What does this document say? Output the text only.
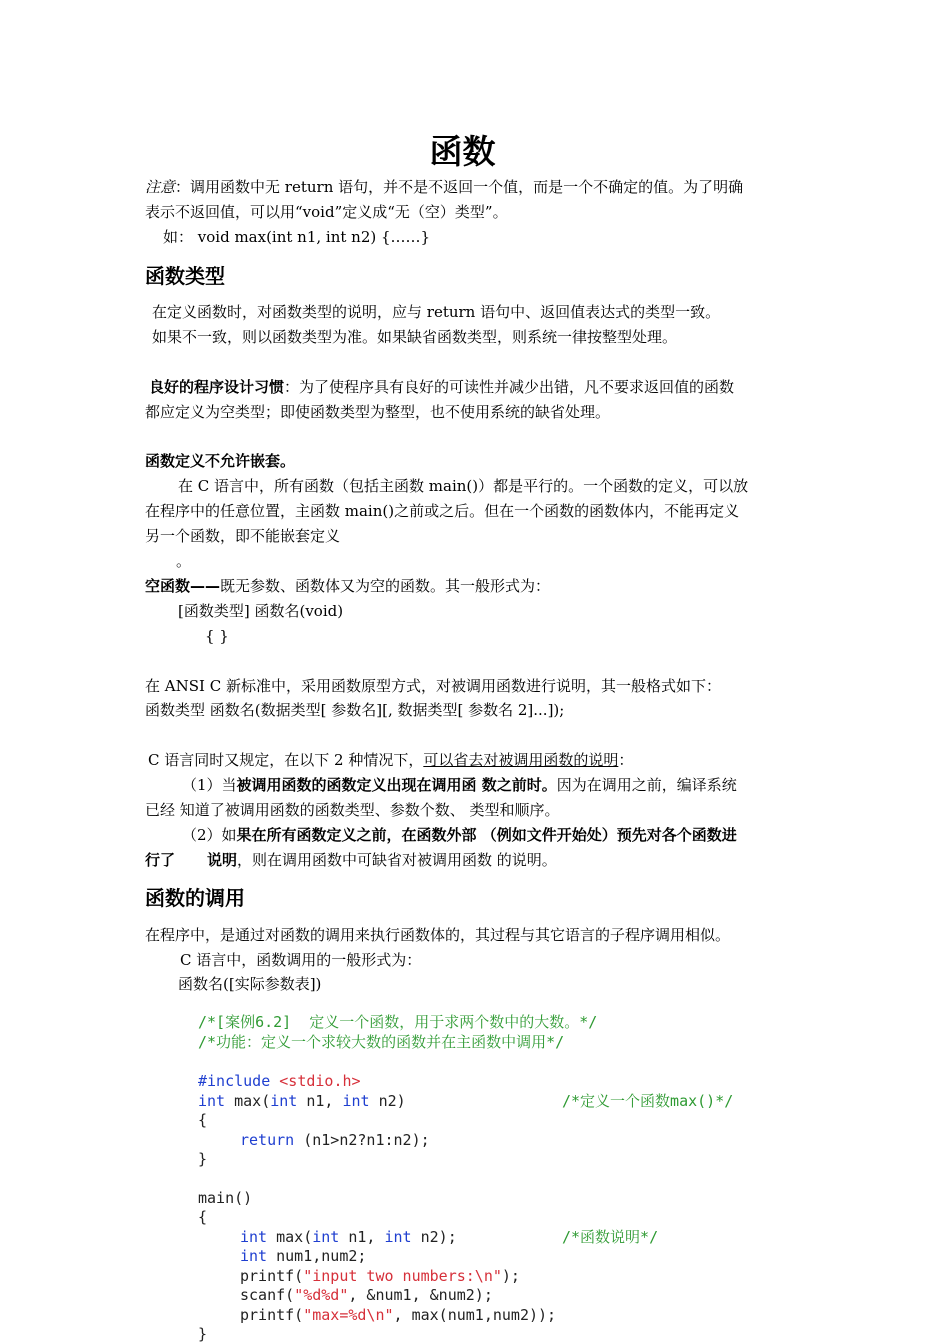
函数
注意：调用函数中无 return 语句，并不是不返回一个值，而是一个不确定的值。为了明确
表示不返回值，可以用“void”定义成“无（空）类型”。
如： void max(int n1, int n2) {……}
函数类型
在定义函数时，对函数类型的说明，应与 return 语句中、返回值表达式的类型一致。
如果不一致，则以函数类型为准。如果缺省函数类型，则系统一律按整型处理。
良好的程序设计习惯：为了使程序具有良好的可读性并减少出错，凡不要求返回值的函数
都应定义为空类型；即使函数类型为整型，也不使用系统的缺省处理。
函数定义不允许嵌套。
在 C 语言中，所有函数（包括主函数 main()）都是平行的。一个函数的定义，可以放
在程序中的任意位置，主函数 main()之前或之后。但在一个函数的函数体内，不能再定义
另一个函数，即不能嵌套定义
。
空函数——既无参数、函数体又为空的函数。其一般形式为：
[函数类型] 函数名(void)
{ }
在 ANSI C 新标准中，采用函数原型方式，对被调用函数进行说明，其一般格式如下：
函数类型 函数名(数据类型[ 参数名][, 数据类型[ 参数名 2]...]);
C 语言同时又规定，在以下 2 种情况下，可以省去对被调用函数的说明：
（1）当被调用函数的函数定义出现在调用函 数之前时。因为在调用之前，编译系统
已经 知道了被调用函数的函数类型、参数个数、 类型和顺序。
（2）如果在所有函数定义之前，在函数外部 （例如文件开始处）预先对各个函数进
行了 说明，则在调用函数中可缺省对被调用函数 的说明。
函数的调用
在程序中，是通过对函数的调用来执行函数体的，其过程与其它语言的子程序调用相似。
C 语言中，函数调用的一般形式为：
函数名([实际参数表])
/*[案例6.2]  定义一个函数，用于求两个数中的大数。*/
/*功能：定义一个求较大数的函数并在主函数中调用*/
#include <stdio.h>
int max(int n1, int n2)	/*定义一个函数max()*/
{
return (n1>n2?n1:n2);
}
main()
{
int max(int n1, int n2);	/*函数说明*/
int num1,num2;
printf("input two numbers:\n");
scanf("%d%d", &num1, &num2);
printf("max=%d\n", max(num1,num2));
}
